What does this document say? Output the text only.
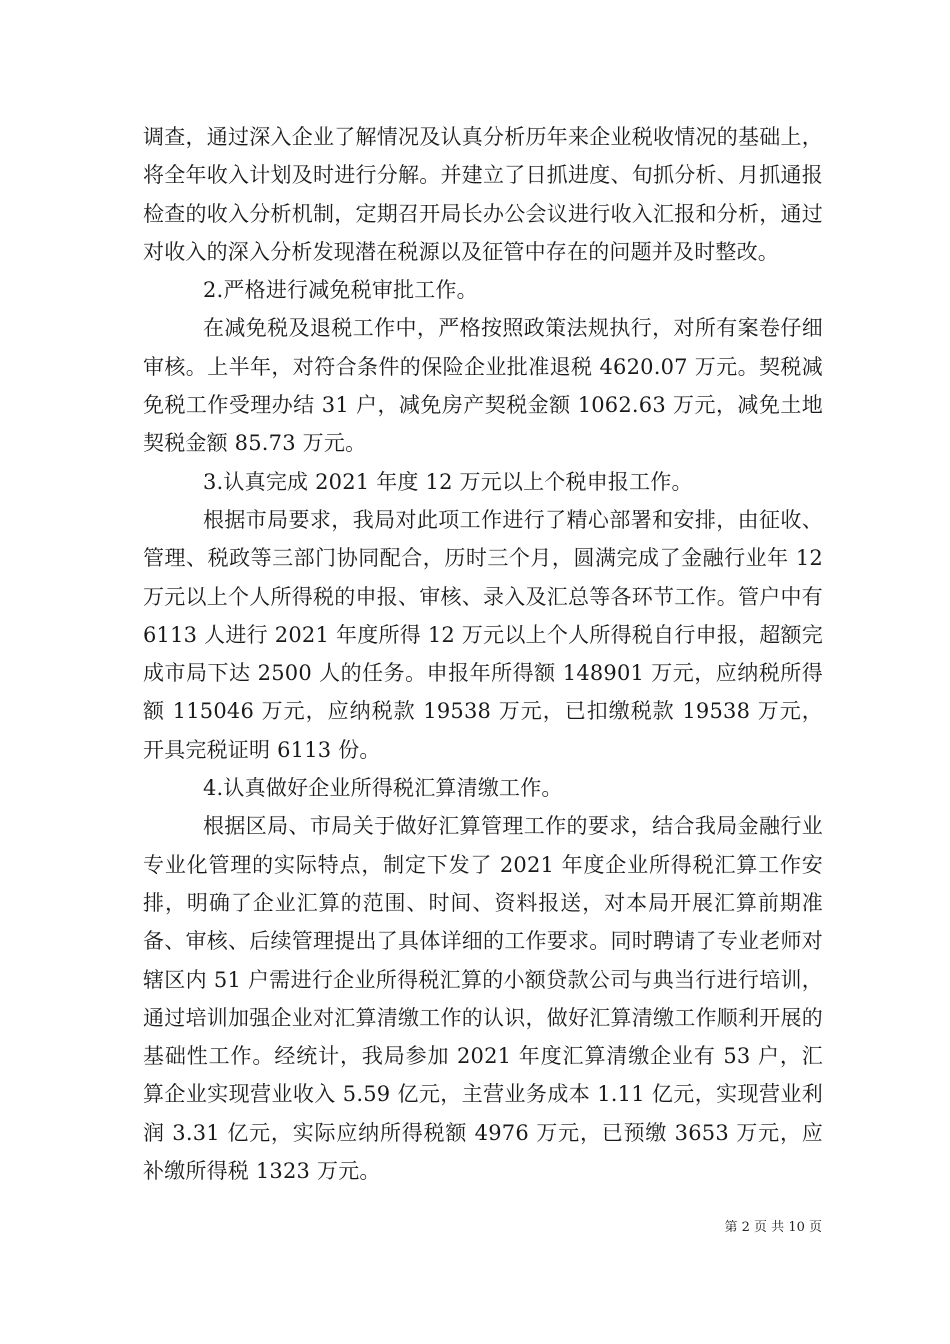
调查，通过深入企业了解情况及认真分析历年来企业税收情况的基础上，将全年收入计划及时进行分解。并建立了日抓进度、旬抓分析、月抓通报检查的收入分析机制，定期召开局长办公会议进行收入汇报和分析，通过对收入的深入分析发现潜在税源以及征管中存在的问题并及时整改。

2.严格进行减免税审批工作。

在减免税及退税工作中，严格按照政策法规执行，对所有案卷仔细审核。上半年，对符合条件的保险企业批准退税 4620.07 万元。契税减免税工作受理办结 31 户，减免房产契税金额 1062.63 万元，减免土地契税金额 85.73 万元。

3.认真完成 2021 年度 12 万元以上个税申报工作。

根据市局要求，我局对此项工作进行了精心部署和安排，由征收、管理、税政等三部门协同配合，历时三个月，圆满完成了金融行业年 12 万元以上个人所得税的申报、审核、录入及汇总等各环节工作。管户中有 6113 人进行 2021 年度所得 12 万元以上个人所得税自行申报，超额完成市局下达 2500 人的任务。申报年所得额 148901 万元，应纳税所得额 115046 万元，应纳税款 19538 万元，已扣缴税款 19538 万元，开具完税证明 6113 份。

4.认真做好企业所得税汇算清缴工作。

根据区局、市局关于做好汇算管理工作的要求，结合我局金融行业专业化管理的实际特点，制定下发了 2021 年度企业所得税汇算工作安排，明确了企业汇算的范围、时间、资料报送，对本局开展汇算前期准备、审核、后续管理提出了具体详细的工作要求。同时聘请了专业老师对辖区内 51 户需进行企业所得税汇算的小额贷款公司与典当行进行培训，通过培训加强企业对汇算清缴工作的认识，做好汇算清缴工作顺利开展的基础性工作。经统计，我局参加 2021 年度汇算清缴企业有 53 户，汇算企业实现营业收入 5.59 亿元，主营业务成本 1.11 亿元，实现营业利润 3.31 亿元，实际应纳所得税额 4976 万元，已预缴 3653 万元，应补缴所得税 1323 万元。

第 2 页 共 10 页
